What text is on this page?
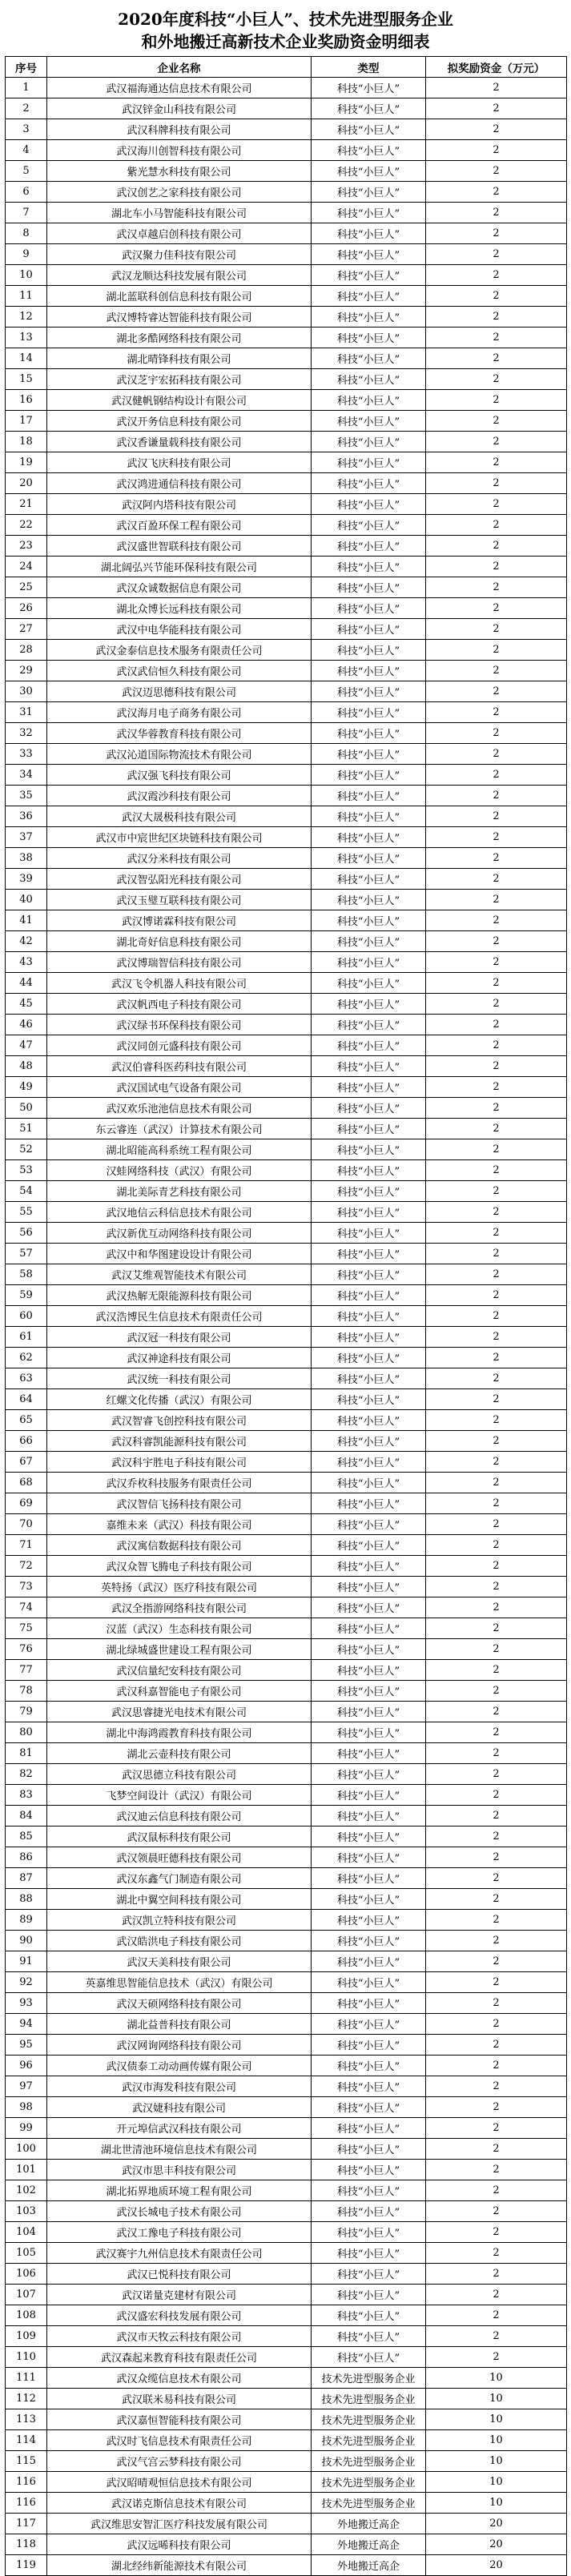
2020年度科技“小巨人”、技术先进型服务企业
和外地搬迁高新技术企业奖励资金明细表
序号	企业名称	类型	拟奖励资金（万元）
1	武汉福海通达信息技术有限公司	科技“小巨人”	2
2	武汉锌金山科技有限公司	科技“小巨人”	2
3	武汉科牌科技有限公司	科技“小巨人”	2
4	武汉海川创智科技有限公司	科技“小巨人”	2
5	紫光慧水科技有限公司	科技“小巨人”	2
6	武汉创艺之家科技有限公司	科技“小巨人”	2
7	湖北车小马智能科技有限公司	科技“小巨人”	2
8	武汉卓越启创科技有限公司	科技“小巨人”	2
9	武汉聚力佳科技有限公司	科技“小巨人”	2
10	武汉龙顺达科技发展有限公司	科技“小巨人”	2
11	湖北蓝联科创信息科技有限公司	科技“小巨人”	2
12	武汉博特睿达智能科技有限公司	科技“小巨人”	2
13	湖北多酷网络科技有限公司	科技“小巨人”	2
14	湖北晴锋科技有限公司	科技“小巨人”	2
15	武汉芝宇宏拓科技有限公司	科技“小巨人”	2
16	武汉健帆钢结构设计有限公司	科技“小巨人”	2
17	武汉开务信息科技有限公司	科技“小巨人”	2
18	武汉香谦量载科技有限公司	科技“小巨人”	2
19	武汉飞庆科技有限公司	科技“小巨人”	2
20	武汉鸿进通信科技有限公司	科技“小巨人”	2
21	武汉阿内塔科技有限公司	科技“小巨人”	2
22	武汉百盈环保工程有限公司	科技“小巨人”	2
23	武汉盛世智联科技有限公司	科技“小巨人”	2
24	湖北阔弘兴节能环保科技有限公司	科技“小巨人”	2
25	武汉众诚数据信息有限公司	科技“小巨人”	2
26	湖北众博长远科技有限公司	科技“小巨人”	2
27	武汉中电华能科技有限公司	科技“小巨人”	2
28	武汉金泰信息技术服务有限责任公司	科技“小巨人”	2
29	武汉武信恒久科技有限公司	科技“小巨人”	2
30	武汉迈思德科技有限公司	科技“小巨人”	2
31	武汉海月电子商务有限公司	科技“小巨人”	2
32	武汉华蓉教育科技有限公司	科技“小巨人”	2
33	武汉沁道国际物流技术有限公司	科技“小巨人”	2
34	武汉强飞科技有限公司	科技“小巨人”	2
35	武汉霞沙科技有限公司	科技“小巨人”	2
36	武汉大晟极科技有限公司	科技“小巨人”	2
37	武汉市中宸世纪区块链科技有限公司	科技“小巨人”	2
38	武汉分米科技有限公司	科技“小巨人”	2
39	武汉智弘阳光科技有限公司	科技“小巨人”	2
40	武汉玉璧互联科技有限公司	科技“小巨人”	2
41	武汉博诺霖科技有限公司	科技“小巨人”	2
42	湖北奇好信息科技有限公司	科技“小巨人”	2
43	武汉博瑞智信科技有限公司	科技“小巨人”	2
44	武汉飞令机器人科技有限公司	科技“小巨人”	2
45	武汉帆西电子科技有限公司	科技“小巨人”	2
46	武汉绿书环保科技有限公司	科技“小巨人”	2
47	武汉同创元盛科技有限公司	科技“小巨人”	2
48	武汉伯睿科医药科技有限公司	科技“小巨人”	2
49	武汉国试电气设备有限公司	科技“小巨人”	2
50	武汉欢乐池池信息技术有限公司	科技“小巨人”	2
51	东云睿连（武汉）计算技术有限公司	科技“小巨人”	2
52	湖北昭能高科系统工程有限公司	科技“小巨人”	2
53	汉蛙网络科技（武汉）有限公司	科技“小巨人”	2
54	湖北美际青艺科技有限公司	科技“小巨人”	2
55	武汉地信云科信息技术有限公司	科技“小巨人”	2
56	武汉新优互动网络科技有限公司	科技“小巨人”	2
57	武汉中和华图建设设计有限公司	科技“小巨人”	2
58	武汉艾维观智能技术有限公司	科技“小巨人”	2
59	武汉热解无限能源科技有限公司	科技“小巨人”	2
60	武汉浩博民生信息技术有限责任公司	科技“小巨人”	2
61	武汉冠一科技有限公司	科技“小巨人”	2
62	武汉神途科技有限公司	科技“小巨人”	2
63	武汉统一科技有限公司	科技“小巨人”	2
64	红螺文化传播（武汉）有限公司	科技“小巨人”	2
65	武汉智睿飞创控科技有限公司	科技“小巨人”	2
66	武汉科睿凯能源科技有限公司	科技“小巨人”	2
67	武汉科宇胜电子科技有限公司	科技“小巨人”	2
68	武汉乔枚科技服务有限责任公司	科技“小巨人”	2
69	武汉智信飞扬科技有限公司	科技“小巨人”	2
70	嘉维未来（武汉）科技有限公司	科技“小巨人”	2
71	武汉寓信数据科技有限公司	科技“小巨人”	2
72	武汉众智飞腾电子科技有限公司	科技“小巨人”	2
73	英特扬（武汉）医疗科技有限公司	科技“小巨人”	2
74	武汉全指游网络科技有限公司	科技“小巨人”	2
75	汉蓝（武汉）生态科技有限公司	科技“小巨人”	2
76	湖北绿城盛世建设工程有限公司	科技“小巨人”	2
77	武汉信量纪安科技有限公司	科技“小巨人”	2
78	武汉科嘉智能电子有限公司	科技“小巨人”	2
79	武汉思睿捷光电技术有限公司	科技“小巨人”	2
80	湖北中海鸿霞教育科技有限公司	科技“小巨人”	2
81	湖北云壶科技有限公司	科技“小巨人”	2
82	武汉思德立科技有限公司	科技“小巨人”	2
83	飞梦空间设计（武汉）有限公司	科技“小巨人”	2
84	武汉迪云信息科技有限公司	科技“小巨人”	2
85	武汉鼠标科技有限公司	科技“小巨人”	2
86	武汉领晨旺德科技有限公司	科技“小巨人”	2
87	武汉东鑫气门制造有限公司	科技“小巨人”	2
88	湖北中翼空间科技有限公司	科技“小巨人”	2
89	武汉凯立特科技有限公司	科技“小巨人”	2
90	武汉皓洪电子科技有限公司	科技“小巨人”	2
91	武汉天美科技有限公司	科技“小巨人”	2
92	英嘉维思智能信息技术（武汉）有限公司	科技“小巨人”	2
93	武汉天硕网络科技有限公司	科技“小巨人”	2
94	湖北益普科技有限公司	科技“小巨人”	2
95	武汉网询网络科技有限公司	科技“小巨人”	2
96	武汉债泰工动动画传媒有限公司	科技“小巨人”	2
97	武汉市海发科技有限公司	科技“小巨人”	2
98	武汉婕科技有限公司	科技“小巨人”	2
99	开元埠信武汉科技有限公司	科技“小巨人”	2
100	湖北世清池环境信息技术有限公司	科技“小巨人”	2
101	武汉市思丰科技有限公司	科技“小巨人”	2
102	湖北拓界地质环境工程有限公司	科技“小巨人”	2
103	武汉长城电子技术有限公司	科技“小巨人”	2
104	武汉工豫电子科技有限公司	科技“小巨人”	2
105	武汉赛宇九州信息技术有限责任公司	科技“小巨人”	2
106	武汉已悦科技有限公司	科技“小巨人”	2
107	武汉诺量克建材有限公司	科技“小巨人”	2
108	武汉盛宏科技发展有限公司	科技“小巨人”	2
109	武汉市天牧云科技有限公司	科技“小巨人”	2
110	武汉森起来教育科技有限责任公司	科技“小巨人”	2
111	武汉众缆信息技术有限公司	技术先进型服务企业	10
112	武汉联米易科技有限公司	技术先进型服务企业	10
113	武汉嘉恒智能科技有限公司	技术先进型服务企业	10
114	武汉时飞信息技术有限责任公司	技术先进型服务企业	10
115	武汉气宫云梦科技有限公司	技术先进型服务企业	10
116	武汉昭晴观恒信息技术有限公司	技术先进型服务企业	10
116	武汉诺克斯信息技术有限公司	技术先进型服务企业	10
117	武汉维思安智汇医疗科技发展有限公司	外地搬迁高企	20
118	武汉远晞科技有限公司	外地搬迁高企	20
119	湖北经纬新能源技术有限公司	外地搬迁高企	20
